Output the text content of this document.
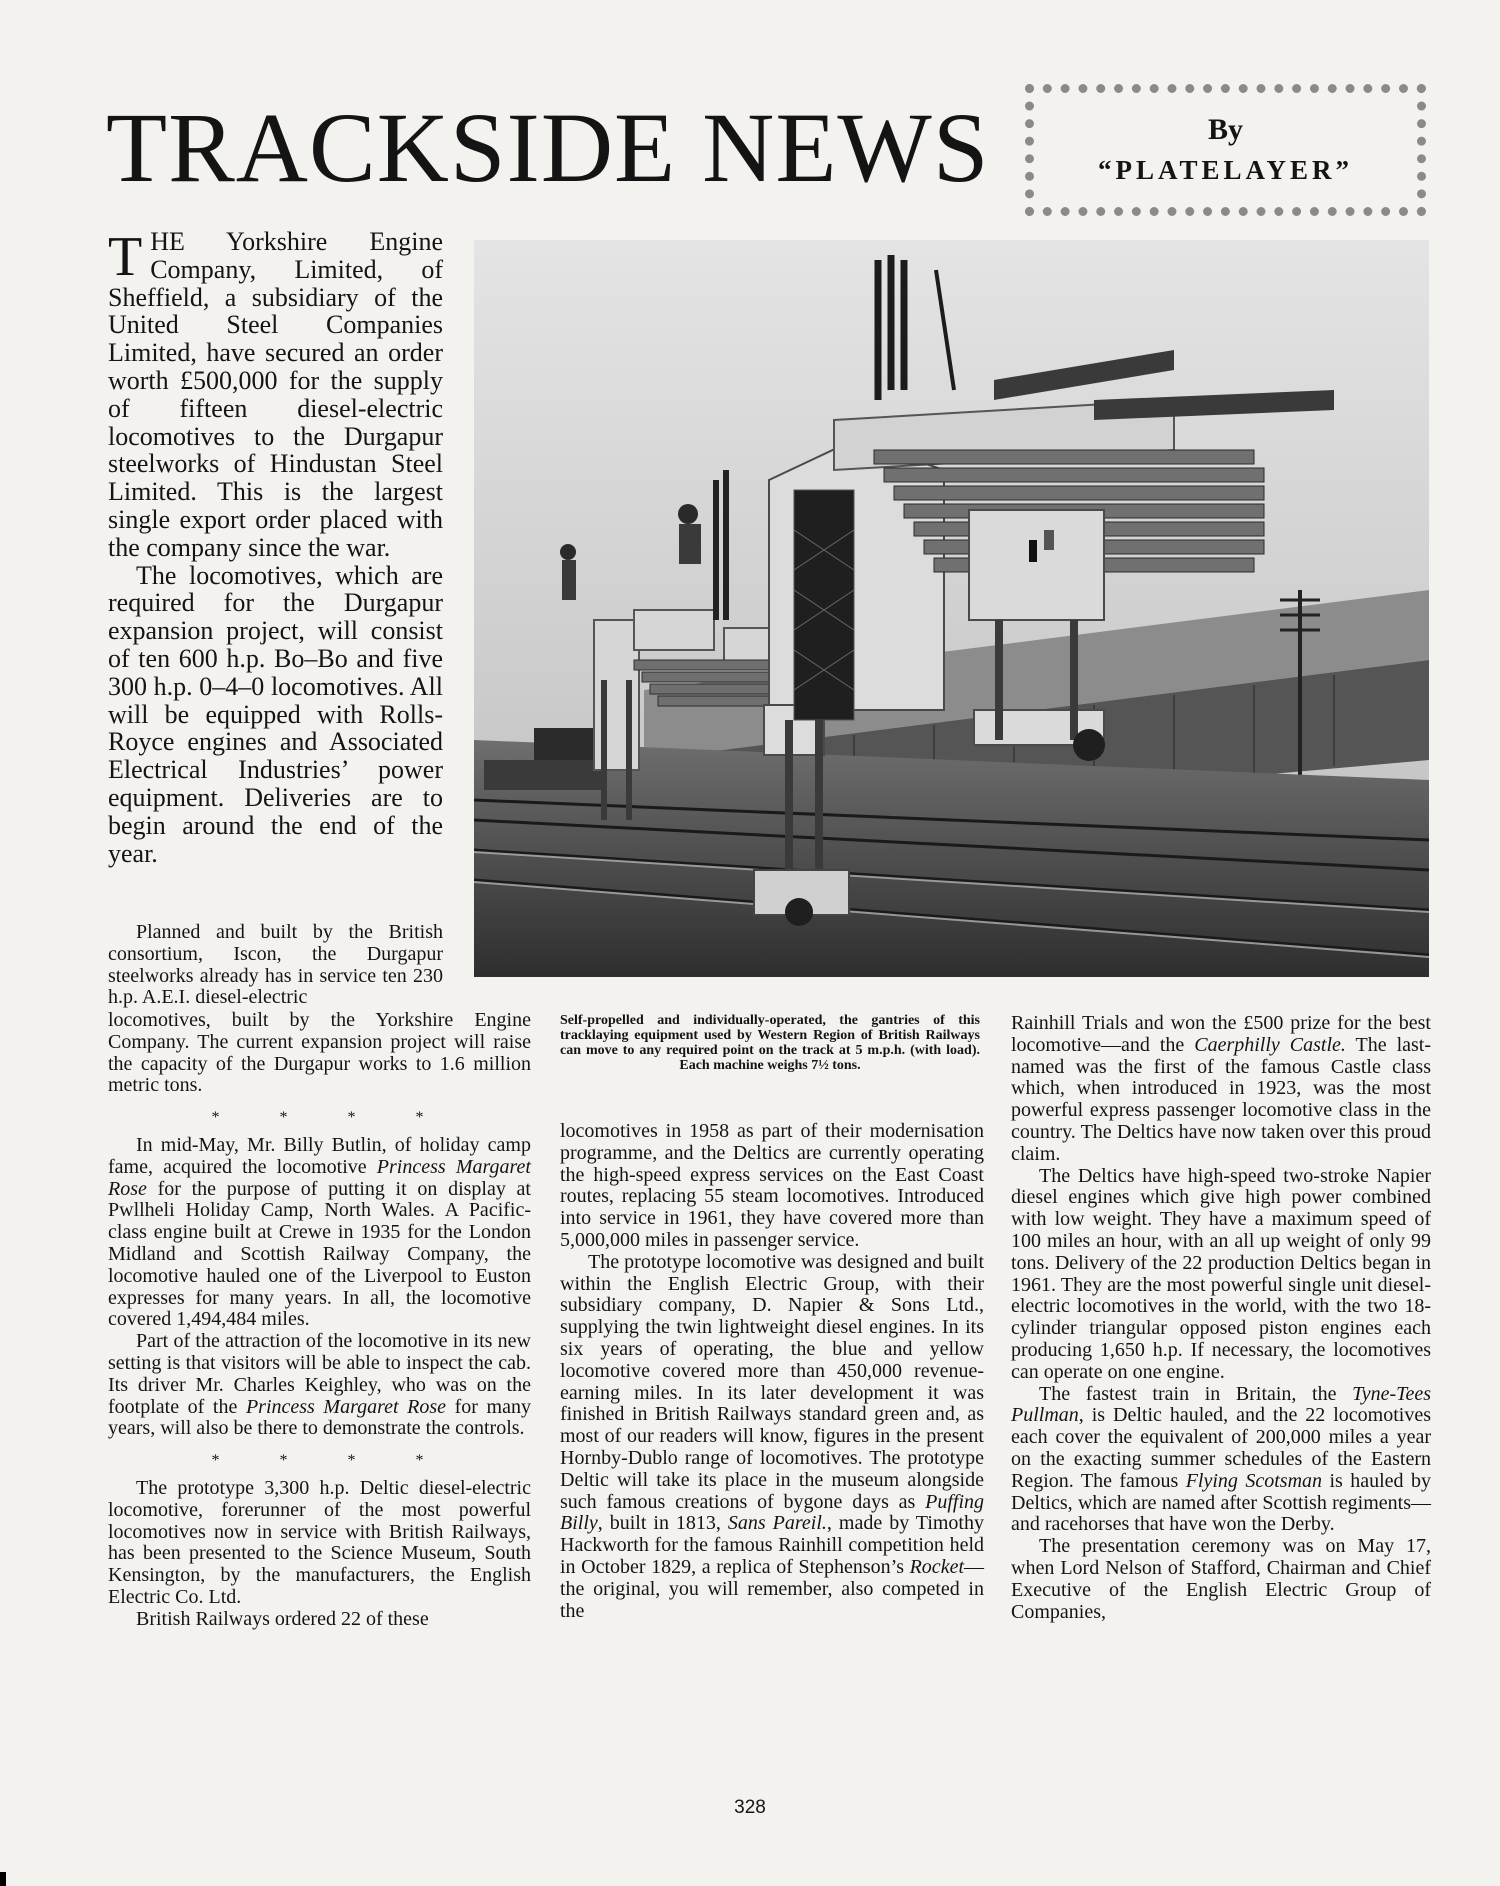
TRACKSIDE NEWS	By
“PLATELAYER”

THE Yorkshire Engine Company, Limited, of Sheffield, a subsidiary of the United Steel Companies Limited, have secured an order worth £500,000 for the supply of fifteen diesel-electric locomotives to the Durgapur steelworks of Hindustan Steel Limited. This is the largest single export order placed with the company since the war.

The locomotives, which are required for the Durgapur expansion project, will consist of ten 600 h.p. Bo–Bo and five 300 h.p. 0–4–0 locomotives. All will be equipped with Rolls-Royce engines and Associated Electrical Industries’ power equipment. Deliveries are to begin around the end of the year.

Planned and built by the British consortium, Iscon, the Durgapur steelworks already has in service ten 230 h.p. A.E.I. diesel-electric

locomotives, built by the Yorkshire Engine Company. The current expansion project will raise the capacity of the Durgapur works to 1.6 million metric tons.

* * * *

In mid-May, Mr. Billy Butlin, of holiday camp fame, acquired the locomotive Princess Margaret Rose for the purpose of putting it on display at Pwllheli Holiday Camp, North Wales. A Pacific-class engine built at Crewe in 1935 for the London Midland and Scottish Railway Company, the locomotive hauled one of the Liverpool to Euston expresses for many years. In all, the locomotive covered 1,494,484 miles.

Part of the attraction of the locomotive in its new setting is that visitors will be able to inspect the cab. Its driver Mr. Charles Keighley, who was on the footplate of the Princess Margaret Rose for many years, will also be there to demonstrate the controls.

* * * *

The prototype 3,300 h.p. Deltic diesel-electric locomotive, forerunner of the most powerful locomotives now in service with British Railways, has been presented to the Science Museum, South Kensington, by the manufacturers, the English Electric Co. Ltd.

British Railways ordered 22 of these

Self-propelled and individually-operated, the gantries of this tracklaying equipment used by Western Region of British Railways can move to any required point on the track at 5 m.p.h. (with load). Each machine weighs 7½ tons.

locomotives in 1958 as part of their modernisation programme, and the Deltics are currently operating the high-speed express services on the East Coast routes, replacing 55 steam locomotives. Introduced into service in 1961, they have covered more than 5,000,000 miles in passenger service.

The prototype locomotive was designed and built within the English Electric Group, with their subsidiary company, D. Napier & Sons Ltd., supplying the twin lightweight diesel engines. In its six years of operating, the blue and yellow locomotive covered more than 450,000 revenue-earning miles. In its later development it was finished in British Railways standard green and, as most of our readers will know, figures in the present Hornby-Dublo range of locomotives. The prototype Deltic will take its place in the museum alongside such famous creations of bygone days as Puffing Billy, built in 1813, Sans Pareil., made by Timothy Hackworth for the famous Rainhill competition held in October 1829, a replica of Stephenson’s Rocket—the original, you will remember, also competed in the

Rainhill Trials and won the £500 prize for the best locomotive—and the Caerphilly Castle. The last-named was the first of the famous Castle class which, when introduced in 1923, was the most powerful express passenger locomotive class in the country. The Deltics have now taken over this proud claim.

The Deltics have high-speed two-stroke Napier diesel engines which give high power combined with low weight. They have a maximum speed of 100 miles an hour, with an all up weight of only 99 tons. Delivery of the 22 production Deltics began in 1961. They are the most powerful single unit diesel-electric locomotives in the world, with the two 18-cylinder triangular opposed piston engines each producing 1,650 h.p. If necessary, the locomotives can operate on one engine.

The fastest train in Britain, the Tyne-Tees Pullman, is Deltic hauled, and the 22 locomotives each cover the equivalent of 200,000 miles a year on the exacting summer schedules of the Eastern Region. The famous Flying Scotsman is hauled by Deltics, which are named after Scottish regiments—and racehorses that have won the Derby.

The presentation ceremony was on May 17, when Lord Nelson of Stafford, Chairman and Chief Executive of the English Electric Group of Companies,

328
